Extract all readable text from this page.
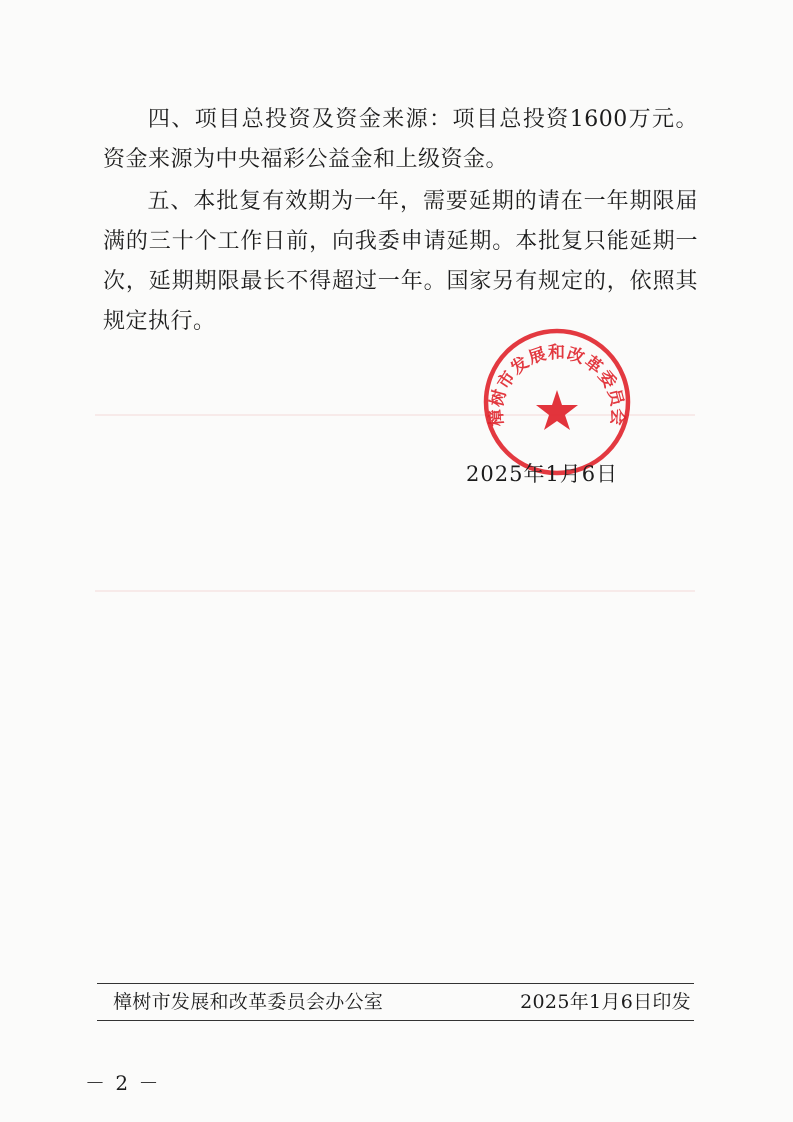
四、项目总投资及资金来源：项目总投资1600万元。资金来源为中央福彩公益金和上级资金。

五、本批复有效期为一年，需要延期的请在一年期限届满的三十个工作日前，向我委申请延期。本批复只能延期一次，延期期限最长不得超过一年。国家另有规定的，依照其规定执行。

樟树市发展和改革委员会
2025年1月6日
樟树市发展和改革委员会办公室	2025年1月6日印发
－ 2 －
